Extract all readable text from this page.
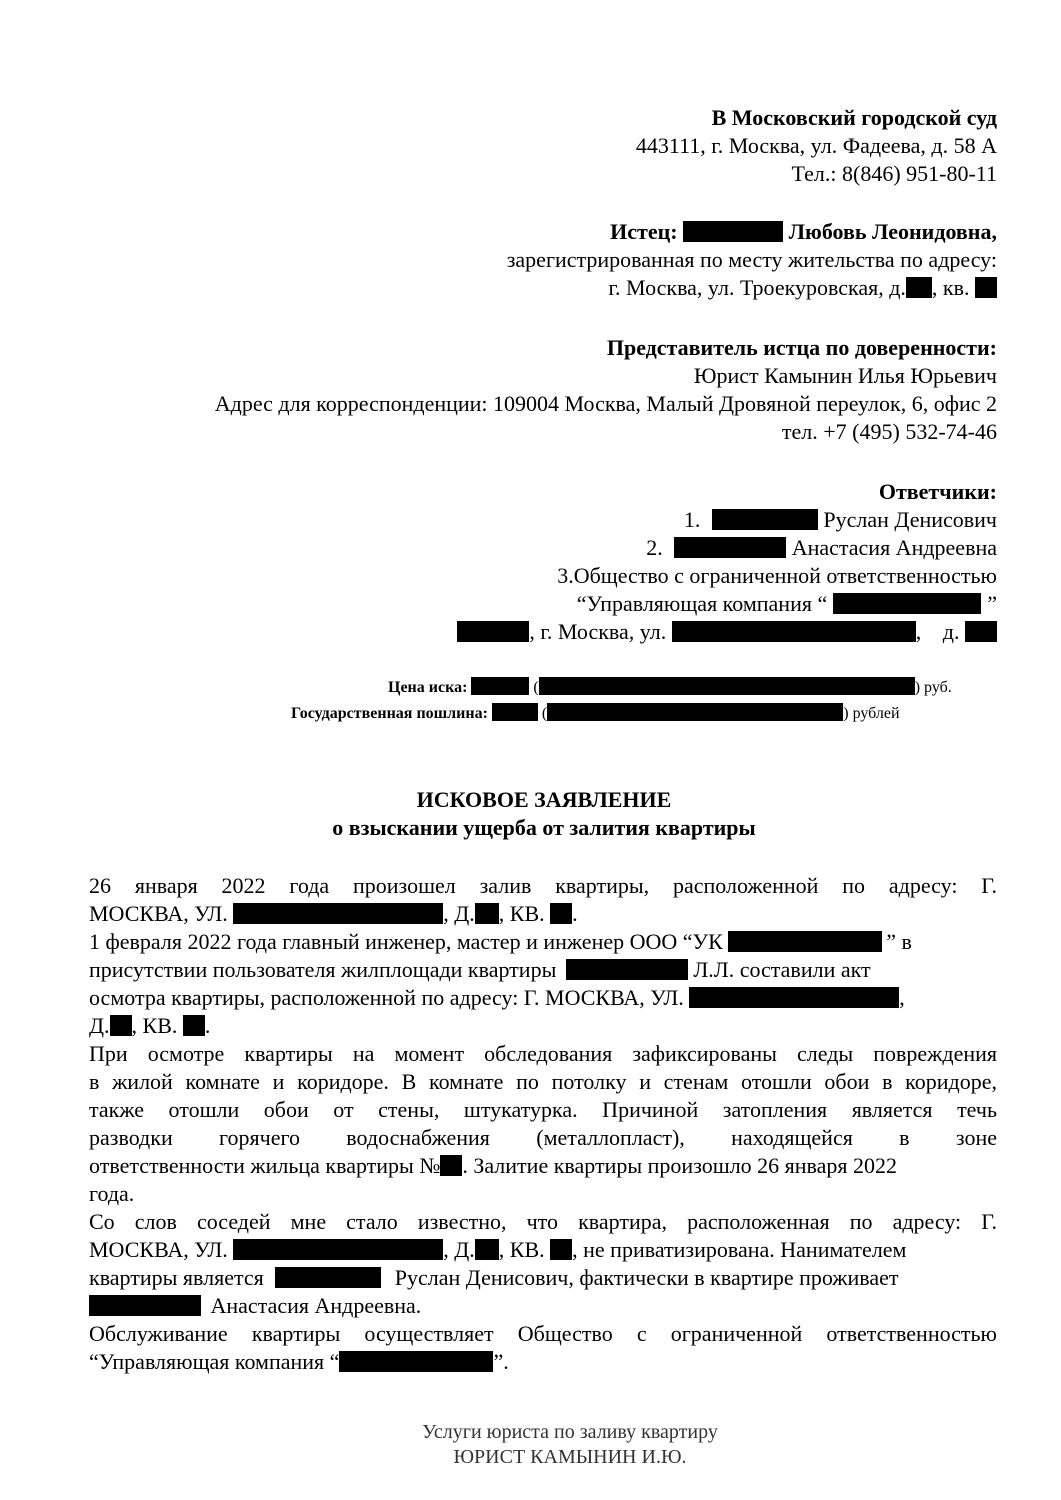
В Московский городской суд
443111, г. Москва, ул. Фадеева, д. 58 А
Тел.: 8(846) 951-80-11
Истец:	Любовь Леонидовна,
зарегистрированная по месту жительства по адресу:
г. Москва, ул. Троекуровская, д. , кв.
Представитель истца по доверенности:
Юрист Камынин Илья Юрьевич
Адрес для корреспонденции: 109004 Москва, Малый Дровяной переулок, 6, офис 2
тел. +7 (495) 532-74-46
Ответчики:
1.	Руслан Денисович
2.	Анастасия Андреевна
3.Общество с ограниченной ответственностью
“Управляющая компания “	”
, г. Москва, ул.	, д.
Цена иска:	(	) руб.
Государственная пошлина:	(	) рублей
ИСКОВОЕ ЗАЯВЛЕНИЕ
о взыскании ущерба от залития квартиры
26 января 2022 года произошел залив квартиры, расположенной по адресу: Г.
МОСКВА, УЛ.	, Д. , КВ. .
1 февраля 2022 года главный инженер, мастер и инженер ООО “УК	” в
присутствии пользователя жилплощади квартиры	Л.Л. составили акт
осмотра квартиры, расположенной по адресу: Г. МОСКВА, УЛ.	,
Д. , КВ. .
При осмотре квартиры на момент обследования зафиксированы следы повреждения
в жилой комнате и коридоре. В комнате по потолку и стенам отошли обои в коридоре,
также отошли обои от стены, штукатурка. Причиной затопления является течь
разводки горячего водоснабжения (металлопласт), находящейся в зоне
ответственности жильца квартиры № . Залитие квартиры произошло 26 января 2022
года.
Со слов соседей мне стало известно, что квартира, расположенная по адресу: Г.
МОСКВА, УЛ.	, Д. , КВ. , не приватизирована. Нанимателем
квартиры является	Руслан Денисович, фактически в квартире проживает
Анастасия Андреевна.
Обслуживание квартиры осуществляет Общество с ограниченной ответственностью
“Управляющая компания “	”.
Услуги юриста по заливу квартиру
ЮРИСТ КАМЫНИН И.Ю.
